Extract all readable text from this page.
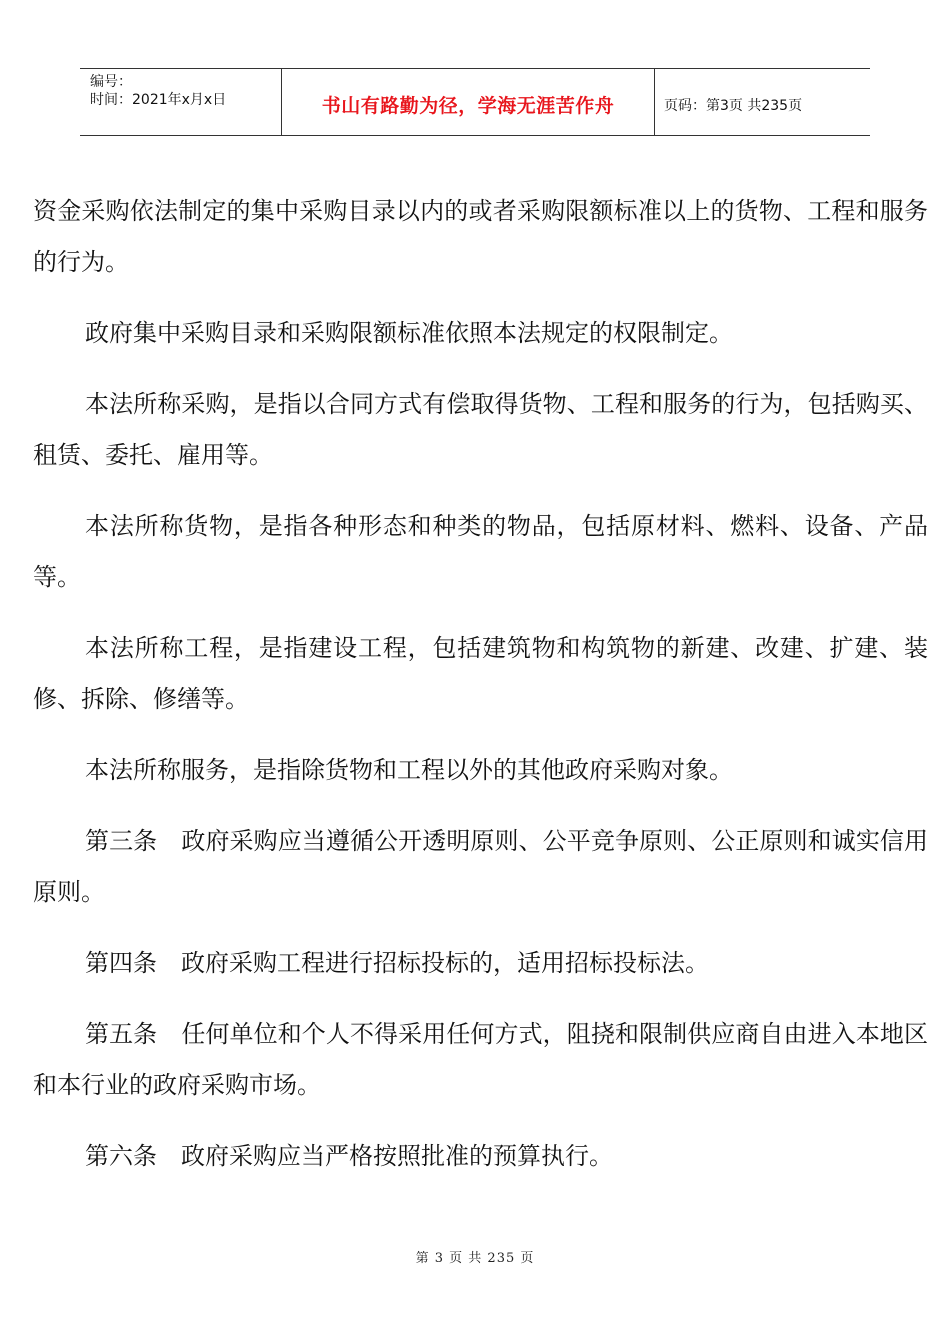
编号：
时间：2021年x月x日	书山有路勤为径，学海无涯苦作舟	页码：第3页 共235页

资金采购依法制定的集中采购目录以内的或者采购限额标准以上的货物、工程和服务的行为。

政府集中采购目录和采购限额标准依照本法规定的权限制定。

本法所称采购，是指以合同方式有偿取得货物、工程和服务的行为，包括购买、租赁、委托、雇用等。

本法所称货物，是指各种形态和种类的物品，包括原材料、燃料、设备、产品等。

本法所称工程，是指建设工程，包括建筑物和构筑物的新建、改建、扩建、装修、拆除、修缮等。

本法所称服务，是指除货物和工程以外的其他政府采购对象。

第三条　政府采购应当遵循公开透明原则、公平竞争原则、公正原则和诚实信用原则。

第四条　政府采购工程进行招标投标的，适用招标投标法。

第五条　任何单位和个人不得采用任何方式，阻挠和限制供应商自由进入本地区和本行业的政府采购市场。

第六条　政府采购应当严格按照批准的预算执行。

第 3 页 共 235 页
